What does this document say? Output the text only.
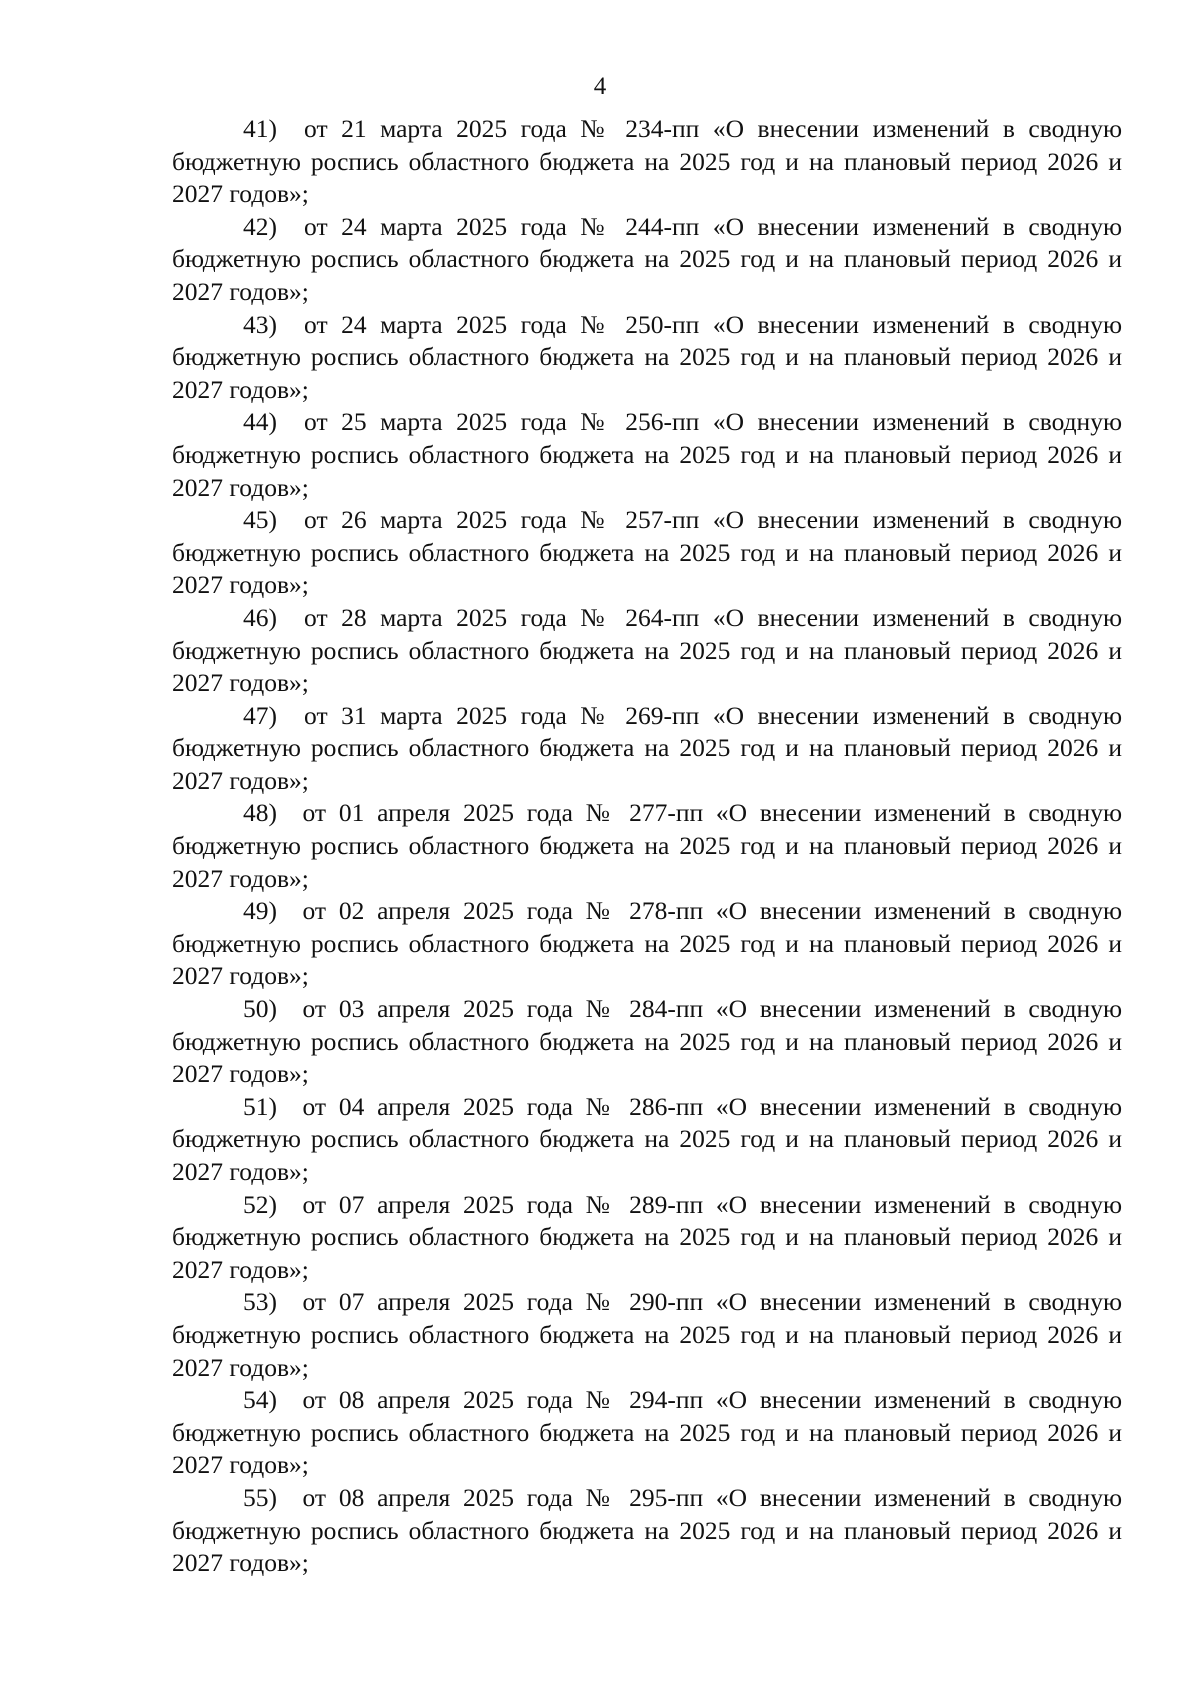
4

41) от 21 марта 2025 года № 234-пп «О внесении изменений в сводную бюджетную роспись областного бюджета на 2025 год и на плановый период 2026 и 2027 годов»;

42) от 24 марта 2025 года № 244-пп «О внесении изменений в сводную бюджетную роспись областного бюджета на 2025 год и на плановый период 2026 и 2027 годов»;

43) от 24 марта 2025 года № 250-пп «О внесении изменений в сводную бюджетную роспись областного бюджета на 2025 год и на плановый период 2026 и 2027 годов»;

44) от 25 марта 2025 года № 256-пп «О внесении изменений в сводную бюджетную роспись областного бюджета на 2025 год и на плановый период 2026 и 2027 годов»;

45) от 26 марта 2025 года № 257-пп «О внесении изменений в сводную бюджетную роспись областного бюджета на 2025 год и на плановый период 2026 и 2027 годов»;

46) от 28 марта 2025 года № 264-пп «О внесении изменений в сводную бюджетную роспись областного бюджета на 2025 год и на плановый период 2026 и 2027 годов»;

47) от 31 марта 2025 года № 269-пп «О внесении изменений в сводную бюджетную роспись областного бюджета на 2025 год и на плановый период 2026 и 2027 годов»;

48) от 01 апреля 2025 года № 277-пп «О внесении изменений в сводную бюджетную роспись областного бюджета на 2025 год и на плановый период 2026 и 2027 годов»;

49) от 02 апреля 2025 года № 278-пп «О внесении изменений в сводную бюджетную роспись областного бюджета на 2025 год и на плановый период 2026 и 2027 годов»;

50) от 03 апреля 2025 года № 284-пп «О внесении изменений в сводную бюджетную роспись областного бюджета на 2025 год и на плановый период 2026 и 2027 годов»;

51) от 04 апреля 2025 года № 286-пп «О внесении изменений в сводную бюджетную роспись областного бюджета на 2025 год и на плановый период 2026 и 2027 годов»;

52) от 07 апреля 2025 года № 289-пп «О внесении изменений в сводную бюджетную роспись областного бюджета на 2025 год и на плановый период 2026 и 2027 годов»;

53) от 07 апреля 2025 года № 290-пп «О внесении изменений в сводную бюджетную роспись областного бюджета на 2025 год и на плановый период 2026 и 2027 годов»;

54) от 08 апреля 2025 года № 294-пп «О внесении изменений в сводную бюджетную роспись областного бюджета на 2025 год и на плановый период 2026 и 2027 годов»;

55) от 08 апреля 2025 года № 295-пп «О внесении изменений в сводную бюджетную роспись областного бюджета на 2025 год и на плановый период 2026 и 2027 годов»;
